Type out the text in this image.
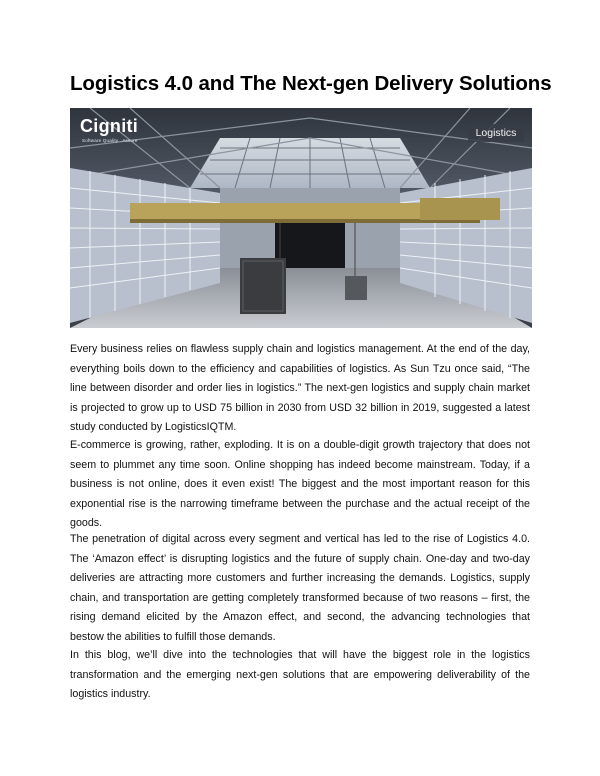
Logistics 4.0 and The Next-gen Delivery Solutions
Cigniti
Software Quality . Assure
Logistics

Every business relies on flawless supply chain and logistics management. At the end of the day, everything boils down to the efficiency and capabilities of logistics. As Sun Tzu once said, “The line between disorder and order lies in logistics.” The next-gen logistics and supply chain market is projected to grow up to USD 75 billion in 2030 from USD 32 billion in 2019, suggested a latest study conducted by LogisticsIQTM.

E-commerce is growing, rather, exploding. It is on a double-digit growth trajectory that does not seem to plummet any time soon. Online shopping has indeed become mainstream. Today, if a business is not online, does it even exist! The biggest and the most important reason for this exponential rise is the narrowing timeframe between the purchase and the actual receipt of the goods.

The penetration of digital across every segment and vertical has led to the rise of Logistics 4.0. The ‘Amazon effect’ is disrupting logistics and the future of supply chain. One-day and two-day deliveries are attracting more customers and further increasing the demands. Logistics, supply chain, and transportation are getting completely transformed because of two reasons – first, the rising demand elicited by the Amazon effect, and second, the advancing technologies that bestow the abilities to fulfill those demands.

In this blog, we’ll dive into the technologies that will have the biggest role in the logistics transformation and the emerging next-gen solutions that are empowering deliverability of the logistics industry.
